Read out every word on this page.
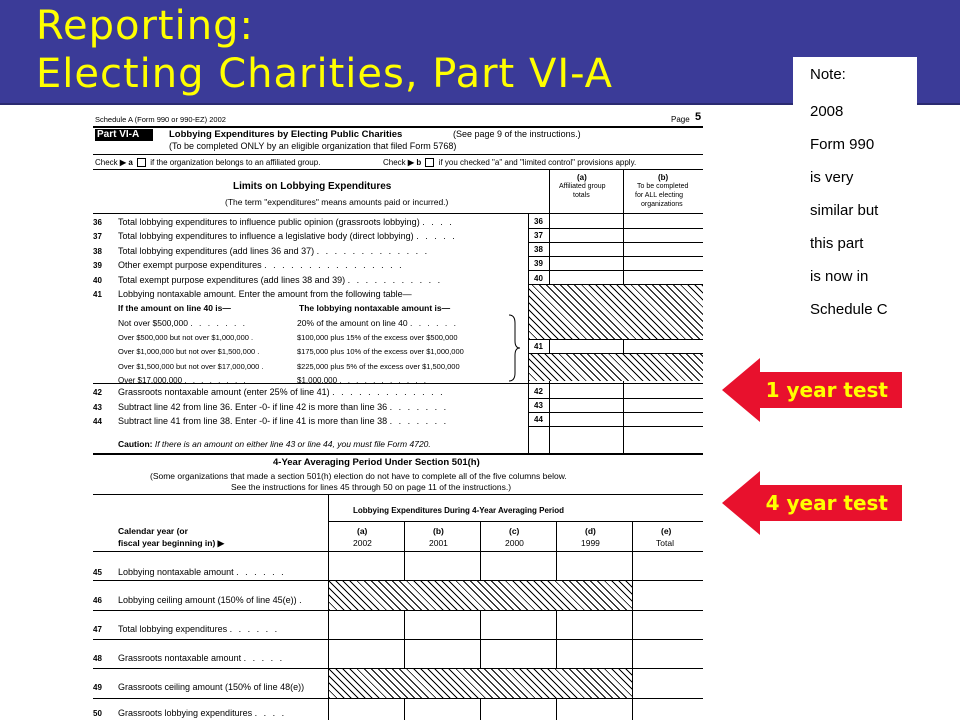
Reporting:
Electing Charities, Part VI-A	Note:
2008
Form 990
is very
similar but
this part
is now in
Schedule C
1 year test
4 year test
Schedule A (Form 990 or 990-EZ) 2002	Page 5
Part VI-A	Lobbying Expenditures by Electing Public Charities	(See page 9 of the instructions.)
(To be completed ONLY by an eligible organization that filed Form 5768)
Check ▶ a if the organization belongs to an affiliated group.	Check ▶ b if you checked "a" and "limited control" provisions apply.
Limits on Lobbying Expenditures
(The term "expenditures" means amounts paid or incurred.)
(a)
Affiliated group
totals
(b)
To be completed
for ALL electing
organizations
36	Total lobbying expenditures to influence public opinion (grassroots lobbying) . . . .	36
37	Total lobbying expenditures to influence a legislative body (direct lobbying) . . . . .	37
38	Total lobbying expenditures (add lines 36 and 37) . . . . . . . . . . . . .	38
39	Other exempt purpose expenditures . . . . . . . . . . . . . . . .	39
40	Total exempt purpose expenditures (add lines 38 and 39) . . . . . . . . . . .	40
41	Lobbying nontaxable amount. Enter the amount from the following table—
41
If the amount on line 40 is—	The lobbying nontaxable amount is—
Not over $500,000 . . . . . . .	20% of the amount on line 40 . . . . . .
Over $500,000 but not over $1,000,000 .	$100,000 plus 15% of the excess over $500,000
Over $1,000,000 but not over $1,500,000 .	$175,000 plus 10% of the excess over $1,000,000
Over $1,500,000 but not over $17,000,000 .	$225,000 plus 5% of the excess over $1,500,000
Over $17,000,000 . . . . . . . .	$1,000,000 . . . . . . . . . . .
42	Grassroots nontaxable amount (enter 25% of line 41) . . . . . . . . . . . . .	42
43	Subtract line 42 from line 36. Enter -0- if line 42 is more than line 36 . . . . . . .	43
44	Subtract line 41 from line 38. Enter -0- if line 41 is more than line 38 . . . . . . .	44
Caution: If there is an amount on either line 43 or line 44, you must file Form 4720.
4-Year Averaging Period Under Section 501(h)
(Some organizations that made a section 501(h) election do not have to complete all of the five columns below.
See the instructions for lines 45 through 50 on page 11 of the instructions.)
Lobbying Expenditures During 4-Year Averaging Period
Calendar year (or
fiscal year beginning in) ▶
(a)
2002
(b)
2001
(c)
2000
(d)
1999
(e)
Total
45	Lobbying nontaxable amount . . . . . .
46	Lobbying ceiling amount (150% of line 45(e)) .
47	Total lobbying expenditures . . . . . .
48	Grassroots nontaxable amount . . . . .
49	Grassroots ceiling amount (150% of line 48(e))
50	Grassroots lobbying expenditures . . . .
